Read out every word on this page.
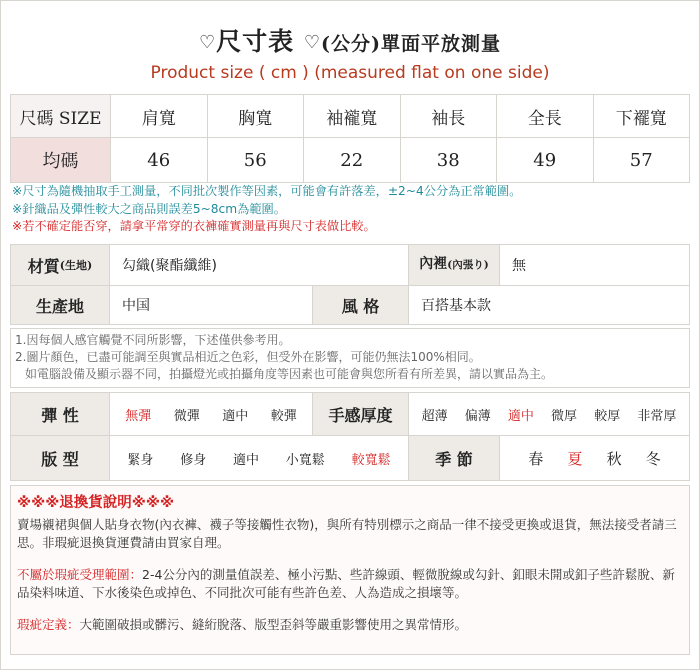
♡尺寸表 ♡(公分)單面平放測量
Product size ( cm ) (measured flat on one side)
尺碼 SIZE	肩寬	胸寬	袖襱寬	袖長	全長	下襬寬
均碼	46	56	22	38	49	57
※尺寸為隨機抽取手工測量，不同批次製作等因素，可能會有許落差，±2~4公分為正常範圍。
※針織品及彈性較大之商品則誤差5~8cm為範圍。
※若不確定能否穿，請拿平常穿的衣褲確實測量再與尺寸表做比較。
材質 (生地)	勾織(聚酯纖維)	內裡(內張り)	無
生產地	中国	風 格	百搭基本款
1.因每個人感官觸覺不同所影響，下述僅供參考用。
2.圖片顏色，已盡可能調至與實品相近之色彩，但受外在影響，可能仍無法100%相同。
如電腦設備及顯示器不同，拍攝燈光或拍攝角度等因素也可能會與您所看有所差異，請以實品為主。
彈 性	無彈 微彈 適中 較彈	手感厚度	超薄 偏薄 適中 微厚 較厚 非常厚
版 型	緊身 修身 適中 小寬鬆 較寬鬆	季 節	春 夏 秋 冬
※※※退換貨說明※※※
賣場襯裙與個人貼身衣物(內衣褲、襪子等接觸性衣物)，與所有特別標示之商品一律不接受更換或退貨，無法接受者請三思。非瑕疵退換貨運費請由買家自理。
不屬於瑕疵受理範圍：2-4公分內的測量值誤差、極小污點、些許線頭、輕微脫線或勾針、釦眼未開或釦子些許鬆脫、新品染料味道、下水後染色或掉色、不同批次可能有些許色差、人為造成之損壞等。
瑕疵定義：大範圍破損或髒污、縫絎脫落、版型歪斜等嚴重影響使用之異常情形。
